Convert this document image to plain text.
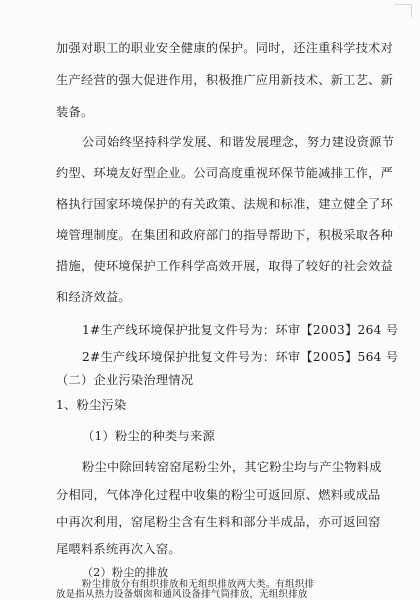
加强对职工的职业安全健康的保护。同时，还注重科学技术对
生产经营的强大促进作用，积极推广应用新技术、新工艺、新
装备。
公司始终坚持科学发展、和谐发展理念，努力建设资源节
约型、环境友好型企业。公司高度重视环保节能减排工作，严
格执行国家环境保护的有关政策、法规和标准，建立健全了环
境管理制度。在集团和政府部门的指导帮助下，积极采取各种
措施，使环境保护工作科学高效开展，取得了较好的社会效益
和经济效益。
1#生产线环境保护批复文件号为：环审【2003】264 号
2#生产线环境保护批复文件号为：环审【2005】564 号
（二）企业污染治理情况
1、粉尘污染
（1）粉尘的种类与来源
粉尘中除回转窑窑尾粉尘外，其它粉尘均与产尘物料成
分相同，气体净化过程中收集的粉尘可返回原、燃料或成品
中再次利用，窑尾粉尘含有生料和部分半成品，亦可返回窑
尾喂料系统再次入窑。
（2）粉尘的排放
粉尘排放分有组织排放和无组织排放两大类。有组织排
放是指从热力设备烟囱和通风设备排气筒排放，无组织排放
